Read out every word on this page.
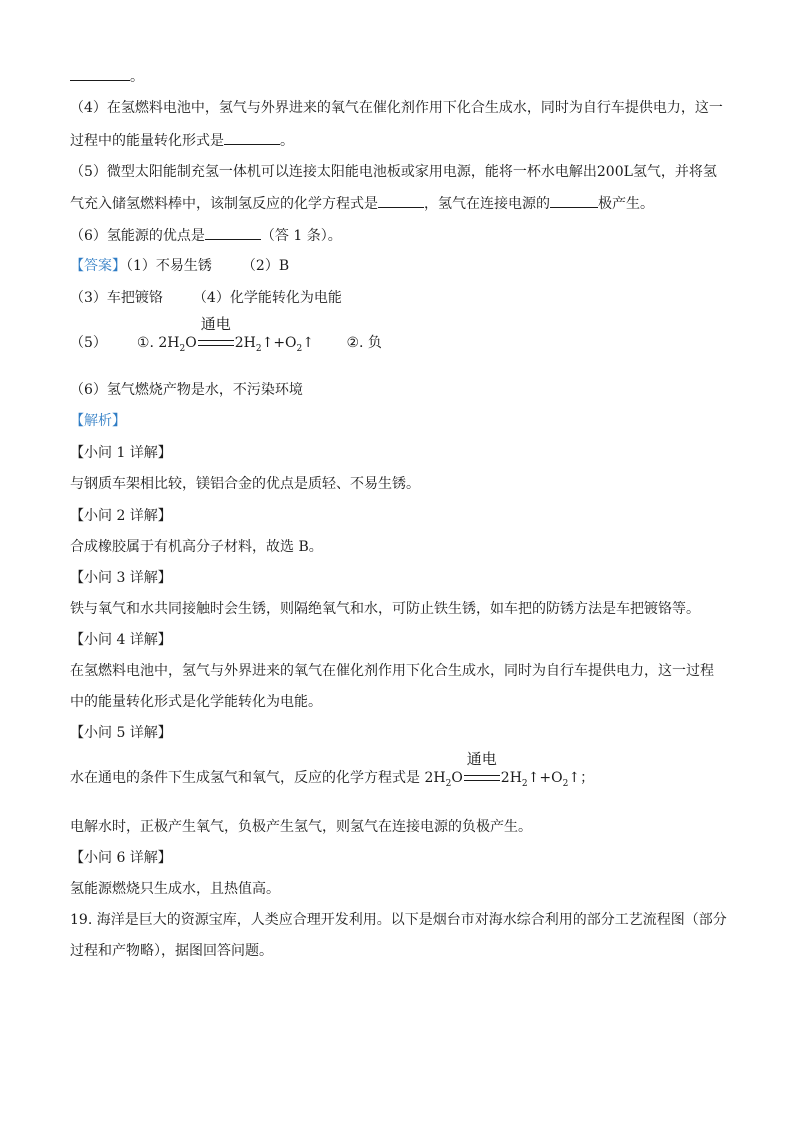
。
（4）在氢燃料电池中，氢气与外界进来的氧气在催化剂作用下化合生成水，同时为自行车提供电力，这一
过程中的能量转化形式是	。
（5）微型太阳能制充氢一体机可以连接太阳能电池板或家用电源，能将一杯水电解出200L氢气，并将氢
气充入储氢燃料棒中，该制氢反应的化学方程式是	，氢气在连接电源的	极产生。
（6）氢能源的优点是	（答 1 条）。
【答案】（1）不易生锈 （2）B
（3）车把镀铬 （4）化学能转化为电能
（5） ①. $2H_2O$
通电
$2H_2↑+O_2↑$ ②. 负
（6）氢气燃烧产物是水，不污染环境
【解析】
【小问 1 详解】
与钢质车架相比较，镁铝合金的优点是质轻、不易生锈。
【小问 2 详解】
合成橡胶属于有机高分子材料，故选 B。
【小问 3 详解】
铁与氧气和水共同接触时会生锈，则隔绝氧气和水，可防止铁生锈，如车把的防锈方法是车把镀铬等。
【小问 4 详解】
在氢燃料电池中，氢气与外界进来的氧气在催化剂作用下化合生成水，同时为自行车提供电力，这一过程
中的能量转化形式是化学能转化为电能。
【小问 5 详解】
水在通电的条件下生成氢气和氧气，反应的化学方程式是 $2H_2O$
通电
$2H_2↑+O_2↑$；
电解水时，正极产生氧气，负极产生氢气，则氢气在连接电源的负极产生。
【小问 6 详解】
氢能源燃烧只生成水，且热值高。
19. 海洋是巨大的资源宝库，人类应合理开发利用。以下是烟台市对海水综合利用的部分工艺流程图（部分
过程和产物略），据图回答问题。
